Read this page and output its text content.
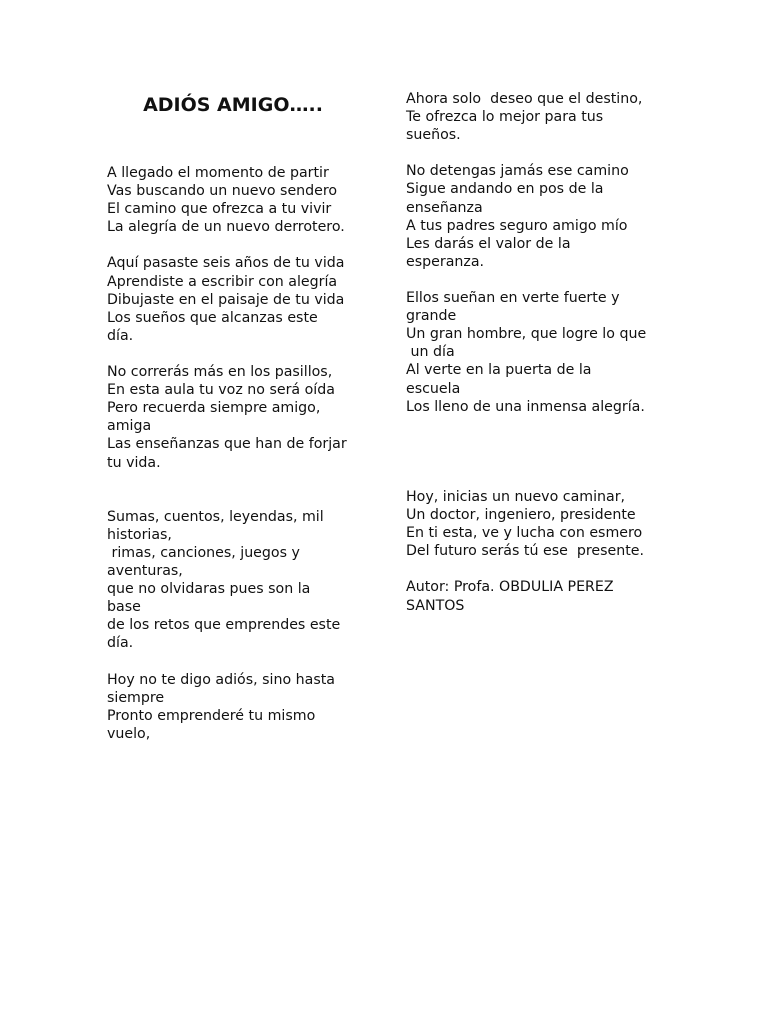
ADIÓS AMIGO…..
A llegado el momento de partir
Vas buscando un nuevo sendero
El camino que ofrezca a tu vivir
La alegría de un nuevo derrotero.
Aquí pasaste seis años de tu vida
Aprendiste a escribir con alegría
Dibujaste en el paisaje de tu vida
Los sueños que alcanzas este
día.
No correrás más en los pasillos,
En esta aula tu voz no será oída
Pero recuerda siempre amigo,
amiga
Las enseñanzas que han de forjar
tu vida.
Sumas, cuentos, leyendas, mil
historias,
rimas, canciones, juegos y
aventuras,
que no olvidaras pues son la
base
de los retos que emprendes este
día.
Hoy no te digo adiós, sino hasta
siempre
Pronto emprenderé tu mismo
vuelo,
Ahora solo  deseo que el destino,
Te ofrezca lo mejor para tus
sueños.
No detengas jamás ese camino
Sigue andando en pos de la
enseñanza
A tus padres seguro amigo mío
Les darás el valor de la
esperanza.
Ellos sueñan en verte fuerte y
grande
Un gran hombre, que logre lo que
un día
Al verte en la puerta de la
escuela
Los lleno de una inmensa alegría.
Hoy, inicias un nuevo caminar,
Un doctor, ingeniero, presidente
En ti esta, ve y lucha con esmero
Del futuro serás tú ese  presente.
Autor: Profa. OBDULIA PEREZ
SANTOS
